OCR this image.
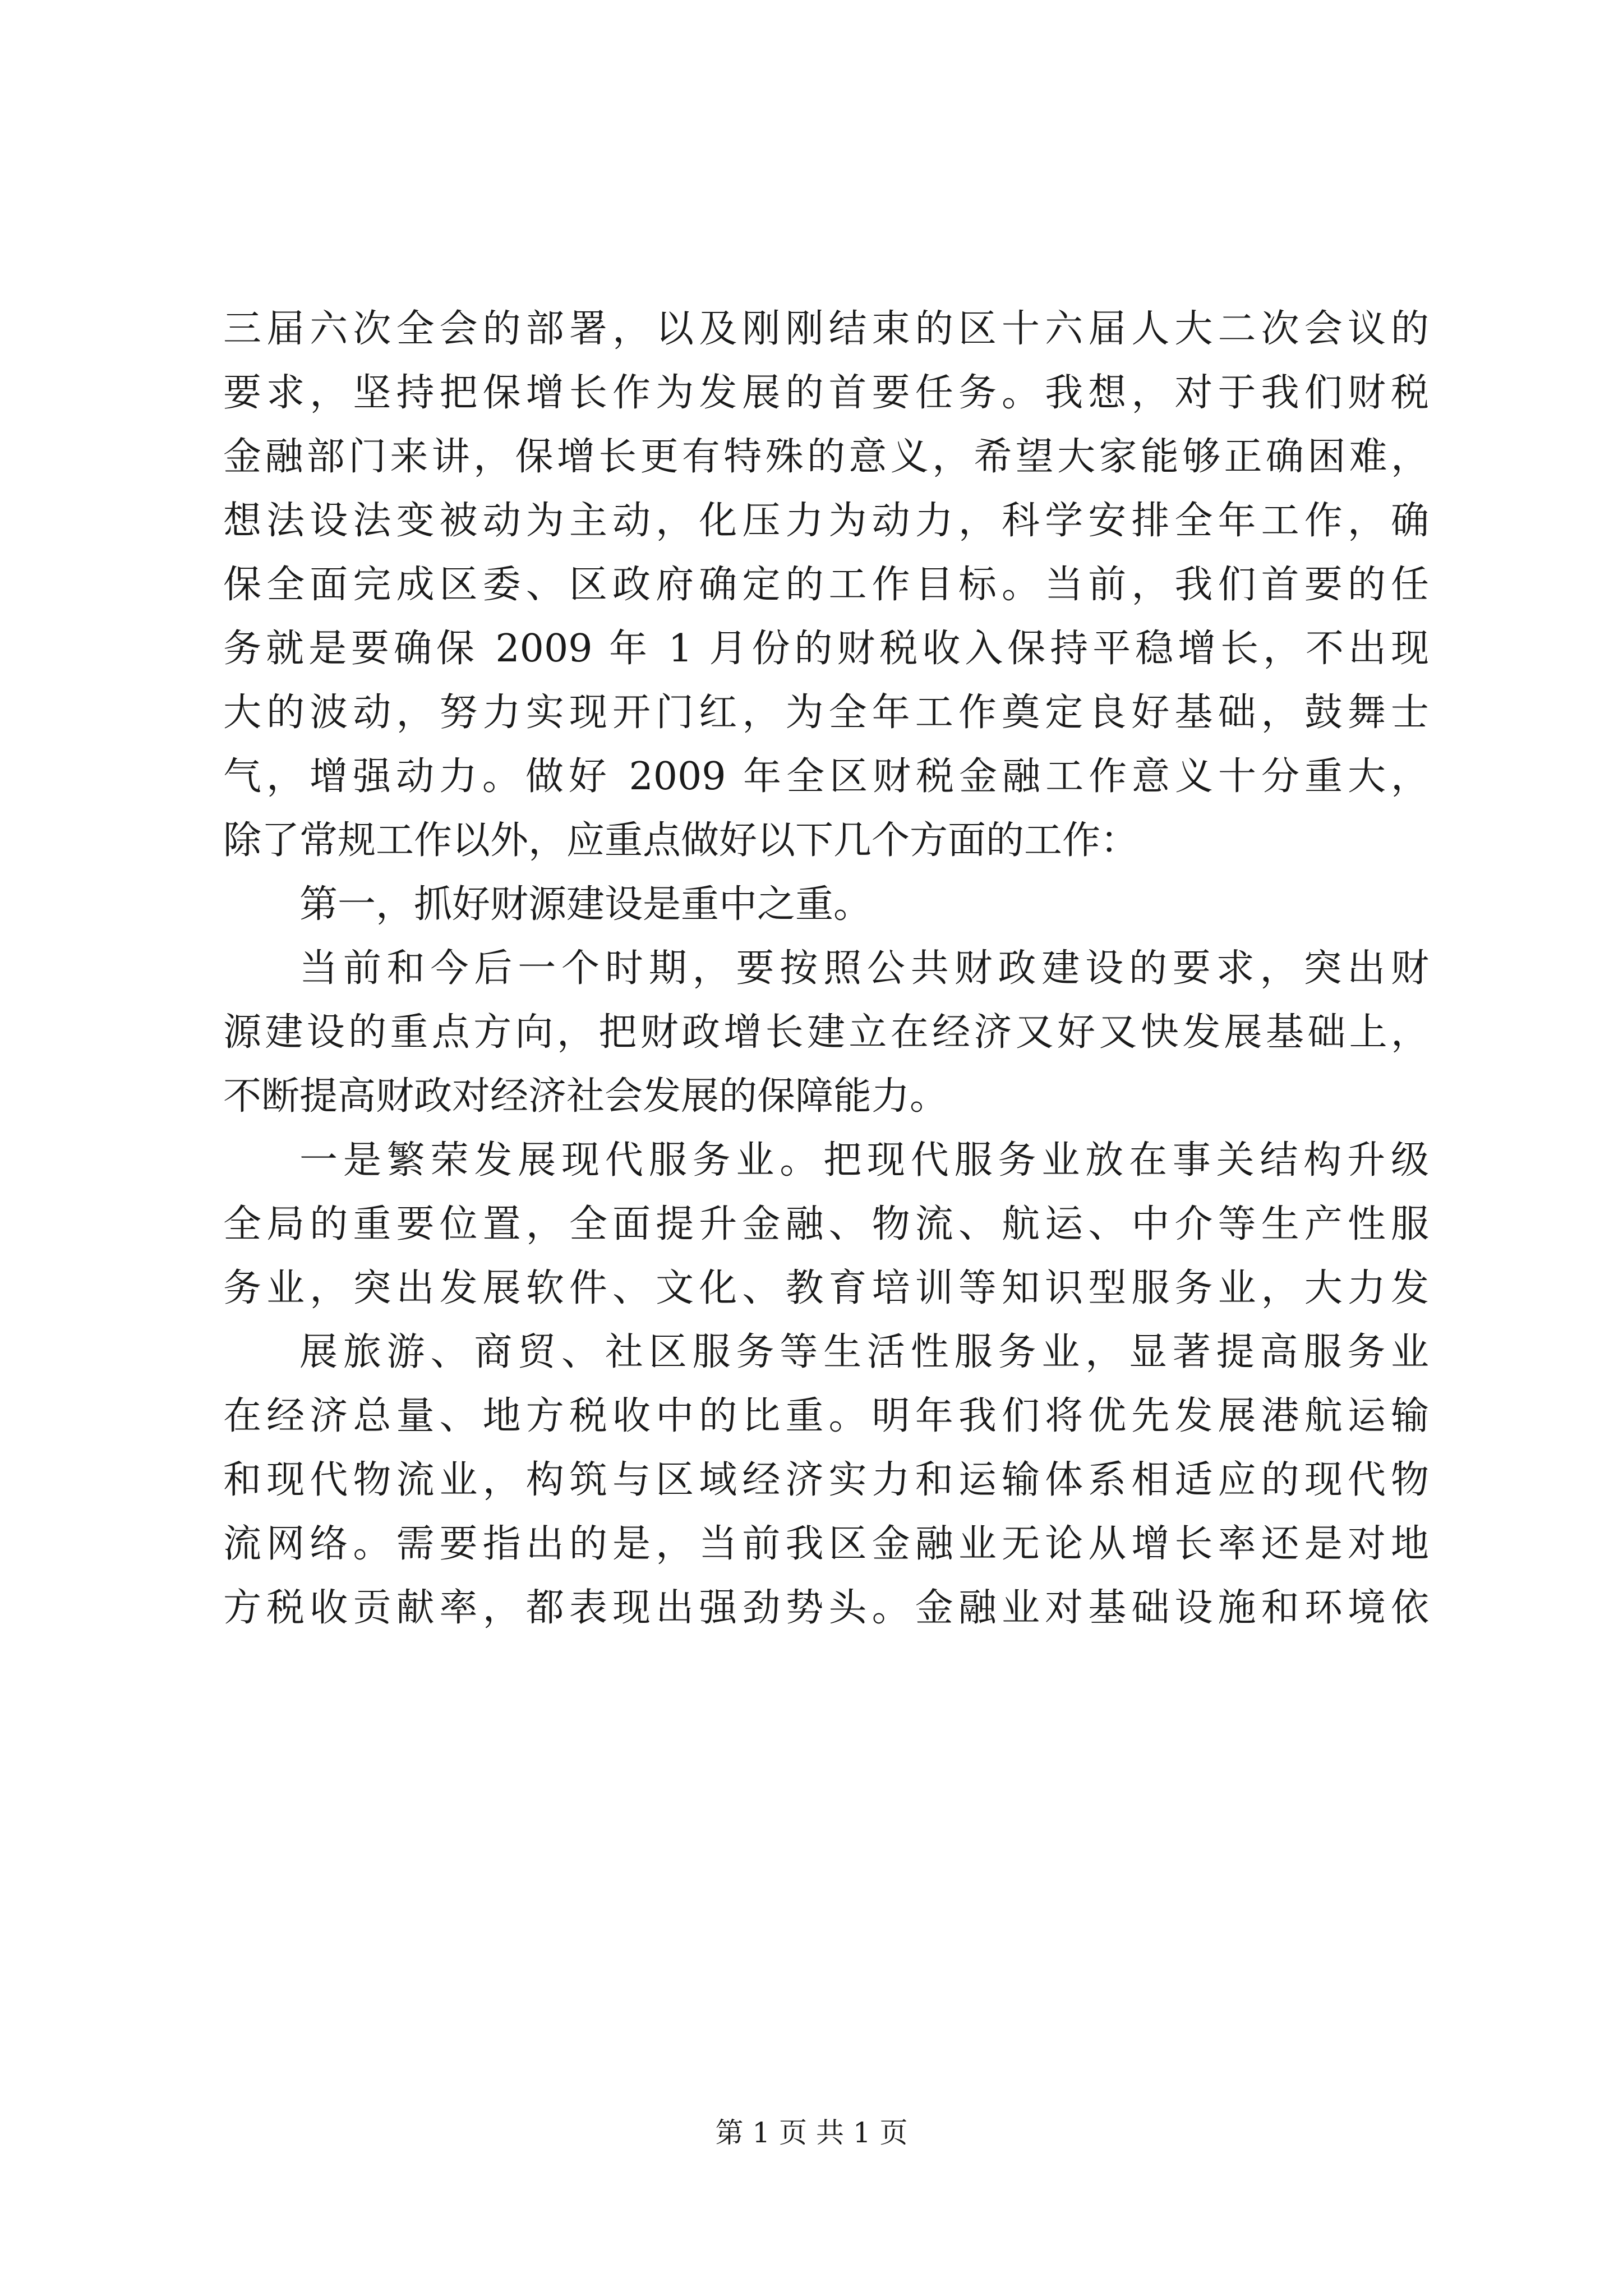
三届六次全会的部署，以及刚刚结束的区十六届人大二次会议的
要求，坚持把保增长作为发展的首要任务。我想，对于我们财税
金融部门来讲，保增长更有特殊的意义，希望大家能够正确困难，
想法设法变被动为主动，化压力为动力，科学安排全年工作，确
保全面完成区委、区政府确定的工作目标。当前，我们首要的任
务就是要确保 2009 年 1 月份的财税收入保持平稳增长，不出现
大的波动，努力实现开门红，为全年工作奠定良好基础，鼓舞士
气，增强动力。做好 2009 年全区财税金融工作意义十分重大，
除了常规工作以外，应重点做好以下几个方面的工作：
第一，抓好财源建设是重中之重。
当前和今后一个时期，要按照公共财政建设的要求，突出财
源建设的重点方向，把财政增长建立在经济又好又快发展基础上，
不断提高财政对经济社会发展的保障能力。
一是繁荣发展现代服务业。把现代服务业放在事关结构升级
全局的重要位置，全面提升金融、物流、航运、中介等生产性服
务业，突出发展软件、文化、教育培训等知识型服务业，大力发
展旅游、商贸、社区服务等生活性服务业，显著提高服务业
在经济总量、地方税收中的比重。明年我们将优先发展港航运输
和现代物流业，构筑与区域经济实力和运输体系相适应的现代物
流网络。需要指出的是，当前我区金融业无论从增长率还是对地
方税收贡献率，都表现出强劲势头。金融业对基础设施和环境依
第 1 页 共 1 页
